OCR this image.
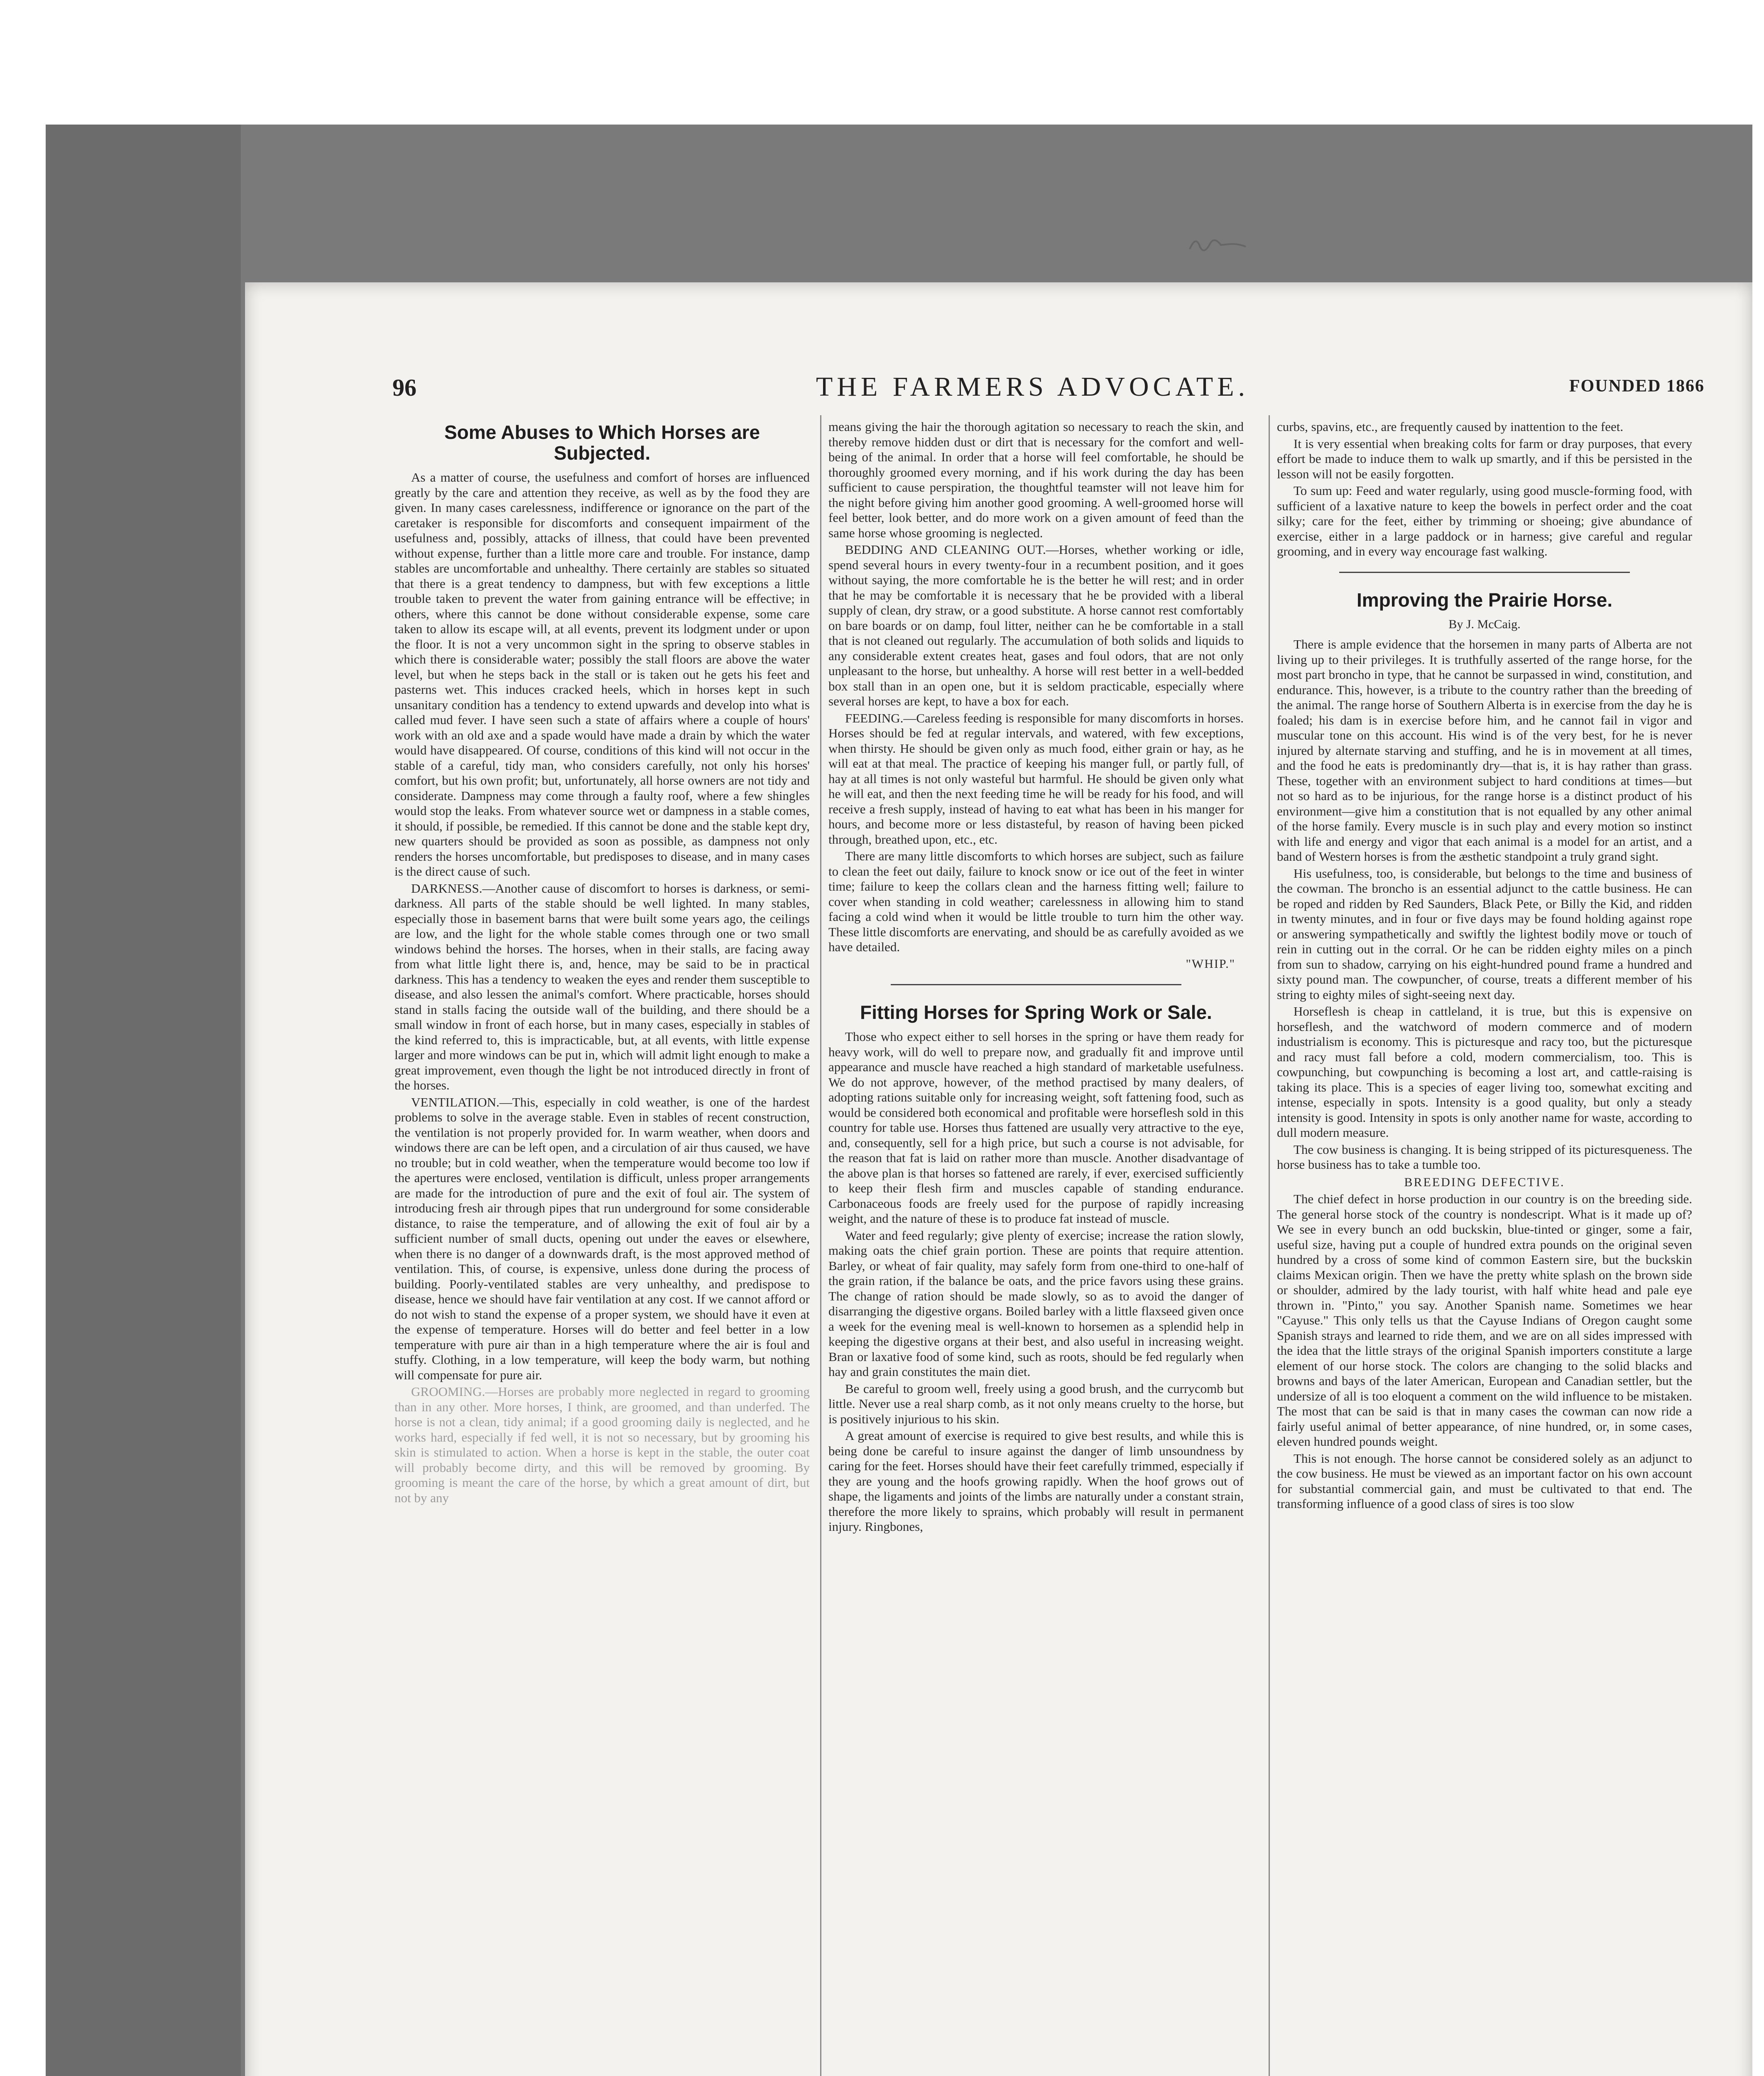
96	THE FARMERS ADVOCATE.	FOUNDED 1866
Some Abuses to Which Horses are Subjected.

As a matter of course, the usefulness and comfort of horses are influenced greatly by the care and attention they receive, as well as by the food they are given. In many cases carelessness, indifference or ignorance on the part of the caretaker is responsible for discomforts and consequent impairment of the usefulness and, possibly, attacks of illness, that could have been prevented without expense, further than a little more care and trouble. For instance, damp stables are uncomfortable and unhealthy. There certainly are stables so situated that there is a great tendency to dampness, but with few exceptions a little trouble taken to prevent the water from gaining entrance will be effective; in others, where this cannot be done without considerable expense, some care taken to allow its escape will, at all events, prevent its lodgment under or upon the floor. It is not a very uncommon sight in the spring to observe stables in which there is considerable water; possibly the stall floors are above the water level, but when he steps back in the stall or is taken out he gets his feet and pasterns wet. This induces cracked heels, which in horses kept in such unsanitary condition has a tendency to extend upwards and develop into what is called mud fever. I have seen such a state of affairs where a couple of hours' work with an old axe and a spade would have made a drain by which the water would have disappeared. Of course, conditions of this kind will not occur in the stable of a careful, tidy man, who considers carefully, not only his horses' comfort, but his own profit; but, unfortunately, all horse owners are not tidy and considerate. Dampness may come through a faulty roof, where a few shingles would stop the leaks. From whatever source wet or dampness in a stable comes, it should, if possible, be remedied. If this cannot be done and the stable kept dry, new quarters should be provided as soon as possible, as dampness not only renders the horses uncomfortable, but predisposes to disease, and in many cases is the direct cause of such.

DARKNESS.—Another cause of discomfort to horses is darkness, or semi-darkness. All parts of the stable should be well lighted. In many stables, especially those in basement barns that were built some years ago, the ceilings are low, and the light for the whole stable comes through one or two small windows behind the horses. The horses, when in their stalls, are facing away from what little light there is, and, hence, may be said to be in practical darkness. This has a tendency to weaken the eyes and render them susceptible to disease, and also lessen the animal's comfort. Where practicable, horses should stand in stalls facing the outside wall of the building, and there should be a small window in front of each horse, but in many cases, especially in stables of the kind referred to, this is impracticable, but, at all events, with little expense larger and more windows can be put in, which will admit light enough to make a great improvement, even though the light be not introduced directly in front of the horses.

VENTILATION.—This, especially in cold weather, is one of the hardest problems to solve in the average stable. Even in stables of recent construction, the ventilation is not properly provided for. In warm weather, when doors and windows there are can be left open, and a circulation of air thus caused, we have no trouble; but in cold weather, when the temperature would become too low if the apertures were enclosed, ventilation is difficult, unless proper arrangements are made for the introduction of pure and the exit of foul air. The system of introducing fresh air through pipes that run underground for some considerable distance, to raise the temperature, and of allowing the exit of foul air by a sufficient number of small ducts, opening out under the eaves or elsewhere, when there is no danger of a downwards draft, is the most approved method of ventilation. This, of course, is expensive, unless done during the process of building. Poorly-ventilated stables are very unhealthy, and predispose to disease, hence we should have fair ventilation at any cost. If we cannot afford or do not wish to stand the expense of a proper system, we should have it even at the expense of temperature. Horses will do better and feel better in a low temperature with pure air than in a high temperature where the air is foul and stuffy. Clothing, in a low temperature, will keep the body warm, but nothing will compensate for pure air.

GROOMING.—Horses are probably more neglected in regard to grooming than in any other. More horses, I think, are groomed, and than underfed. The horse is not a clean, tidy animal; if a good grooming daily is neglected, and he works hard, especially if fed well, it is not so necessary, but by grooming his skin is stimulated to action. When a horse is kept in the stable, the outer coat will probably become dirty, and this will be removed by grooming. By grooming is meant the care of the horse, by which a great amount of dirt, but not by any

means giving the hair the thorough agitation so necessary to reach the skin, and thereby remove hidden dust or dirt that is necessary for the comfort and well-being of the animal. In order that a horse will feel comfortable, he should be thoroughly groomed every morning, and if his work during the day has been sufficient to cause perspiration, the thoughtful teamster will not leave him for the night before giving him another good grooming. A well-groomed horse will feel better, look better, and do more work on a given amount of feed than the same horse whose grooming is neglected.

BEDDING AND CLEANING OUT.—Horses, whether working or idle, spend several hours in every twenty-four in a recumbent position, and it goes without saying, the more comfortable he is the better he will rest; and in order that he may be comfortable it is necessary that he be provided with a liberal supply of clean, dry straw, or a good substitute. A horse cannot rest comfortably on bare boards or on damp, foul litter, neither can he be comfortable in a stall that is not cleaned out regularly. The accumulation of both solids and liquids to any considerable extent creates heat, gases and foul odors, that are not only unpleasant to the horse, but unhealthy. A horse will rest better in a well-bedded box stall than in an open one, but it is seldom practicable, especially where several horses are kept, to have a box for each.

FEEDING.—Careless feeding is responsible for many discomforts in horses. Horses should be fed at regular intervals, and watered, with few exceptions, when thirsty. He should be given only as much food, either grain or hay, as he will eat at that meal. The practice of keeping his manger full, or partly full, of hay at all times is not only wasteful but harmful. He should be given only what he will eat, and then the next feeding time he will be ready for his food, and will receive a fresh supply, instead of having to eat what has been in his manger for hours, and become more or less distasteful, by reason of having been picked through, breathed upon, etc., etc.

There are many little discomforts to which horses are subject, such as failure to clean the feet out daily, failure to knock snow or ice out of the feet in winter time; failure to keep the collars clean and the harness fitting well; failure to cover when standing in cold weather; carelessness in allowing him to stand facing a cold wind when it would be little trouble to turn him the other way. These little discomforts are enervating, and should be as carefully avoided as we have detailed.

"WHIP."
Fitting Horses for Spring Work or Sale.

Those who expect either to sell horses in the spring or have them ready for heavy work, will do well to prepare now, and gradually fit and improve until appearance and muscle have reached a high standard of marketable usefulness. We do not approve, however, of the method practised by many dealers, of adopting rations suitable only for increasing weight, soft fattening food, such as would be considered both economical and profitable were horseflesh sold in this country for table use. Horses thus fattened are usually very attractive to the eye, and, consequently, sell for a high price, but such a course is not advisable, for the reason that fat is laid on rather more than muscle. Another disadvantage of the above plan is that horses so fattened are rarely, if ever, exercised sufficiently to keep their flesh firm and muscles capable of standing endurance. Carbonaceous foods are freely used for the purpose of rapidly increasing weight, and the nature of these is to produce fat instead of muscle.

Water and feed regularly; give plenty of exercise; increase the ration slowly, making oats the chief grain portion. These are points that require attention. Barley, or wheat of fair quality, may safely form from one-third to one-half of the grain ration, if the balance be oats, and the price favors using these grains. The change of ration should be made slowly, so as to avoid the danger of disarranging the digestive organs. Boiled barley with a little flaxseed given once a week for the evening meal is well-known to horsemen as a splendid help in keeping the digestive organs at their best, and also useful in increasing weight. Bran or laxative food of some kind, such as roots, should be fed regularly when hay and grain constitutes the main diet.

Be careful to groom well, freely using a good brush, and the currycomb but little. Never use a real sharp comb, as it not only means cruelty to the horse, but is positively injurious to his skin.

A great amount of exercise is required to give best results, and while this is being done be careful to insure against the danger of limb unsoundness by caring for the feet. Horses should have their feet carefully trimmed, especially if they are young and the hoofs growing rapidly. When the hoof grows out of shape, the ligaments and joints of the limbs are naturally under a constant strain, therefore the more likely to sprains, which probably will result in permanent injury. Ringbones,

curbs, spavins, etc., are frequently caused by inattention to the feet.

It is very essential when breaking colts for farm or dray purposes, that every effort be made to induce them to walk up smartly, and if this be persisted in the lesson will not be easily forgotten.

To sum up: Feed and water regularly, using good muscle-forming food, with sufficient of a laxative nature to keep the bowels in perfect order and the coat silky; care for the feet, either by trimming or shoeing; give abundance of exercise, either in a large paddock or in harness; give careful and regular grooming, and in every way encourage fast walking.

Improving the Prairie Horse.
By J. McCaig.

There is ample evidence that the horsemen in many parts of Alberta are not living up to their privileges. It is truthfully asserted of the range horse, for the most part broncho in type, that he cannot be surpassed in wind, constitution, and endurance. This, however, is a tribute to the country rather than the breeding of the animal. The range horse of Southern Alberta is in exercise from the day he is foaled; his dam is in exercise before him, and he cannot fail in vigor and muscular tone on this account. His wind is of the very best, for he is never injured by alternate starving and stuffing, and he is in movement at all times, and the food he eats is predominantly dry—that is, it is hay rather than grass. These, together with an environment subject to hard conditions at times—but not so hard as to be injurious, for the range horse is a distinct product of his environment—give him a constitution that is not equalled by any other animal of the horse family. Every muscle is in such play and every motion so instinct with life and energy and vigor that each animal is a model for an artist, and a band of Western horses is from the æsthetic standpoint a truly grand sight.

His usefulness, too, is considerable, but belongs to the time and business of the cowman. The broncho is an essential adjunct to the cattle business. He can be roped and ridden by Red Saunders, Black Pete, or Billy the Kid, and ridden in twenty minutes, and in four or five days may be found holding against rope or answering sympathetically and swiftly the lightest bodily move or touch of rein in cutting out in the corral. Or he can be ridden eighty miles on a pinch from sun to shadow, carrying on his eight-hundred pound frame a hundred and sixty pound man. The cowpuncher, of course, treats a different member of his string to eighty miles of sight-seeing next day.

Horseflesh is cheap in cattleland, it is true, but this is expensive on horseflesh, and the watchword of modern commerce and of modern industrialism is economy. This is picturesque and racy too, but the picturesque and racy must fall before a cold, modern commercialism, too. This is cowpunching, but cowpunching is becoming a lost art, and cattle-raising is taking its place. This is a species of eager living too, somewhat exciting and intense, especially in spots. Intensity is a good quality, but only a steady intensity is good. Intensity in spots is only another name for waste, according to dull modern measure.

The cow business is changing. It is being stripped of its picturesqueness. The horse business has to take a tumble too.

BREEDING DEFECTIVE.

The chief defect in horse production in our country is on the breeding side. The general horse stock of the country is nondescript. What is it made up of? We see in every bunch an odd buckskin, blue-tinted or ginger, some a fair, useful size, having put a couple of hundred extra pounds on the original seven hundred by a cross of some kind of common Eastern sire, but the buckskin claims Mexican origin. Then we have the pretty white splash on the brown side or shoulder, admired by the lady tourist, with half white head and pale eye thrown in. "Pinto," you say. Another Spanish name. Sometimes we hear "Cayuse." This only tells us that the Cayuse Indians of Oregon caught some Spanish strays and learned to ride them, and we are on all sides impressed with the idea that the little strays of the original Spanish importers constitute a large element of our horse stock. The colors are changing to the solid blacks and browns and bays of the later American, European and Canadian settler, but the undersize of all is too eloquent a comment on the wild influence to be mistaken. The most that can be said is that in many cases the cowman can now ride a fairly useful animal of better appearance, of nine hundred, or, in some cases, eleven hundred pounds weight.

This is not enough. The horse cannot be considered solely as an adjunct to the cow business. He must be viewed as an important factor on his own account for substantial commercial gain, and must be cultivated to that end. The transforming influence of a good class of sires is too slow
